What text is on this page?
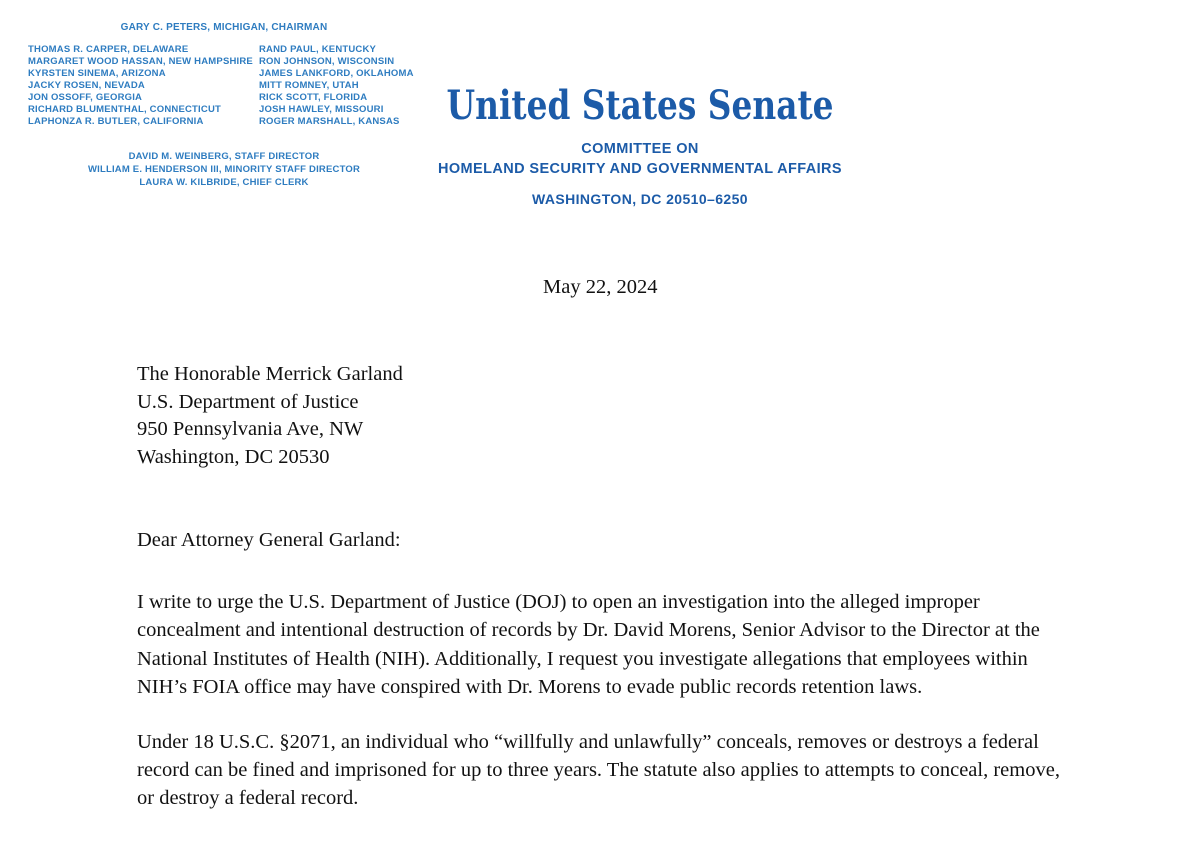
GARY C. PETERS, MICHIGAN, CHAIRMAN
THOMAS R. CARPER, DELAWARE
MARGARET WOOD HASSAN, NEW HAMPSHIRE
KYRSTEN SINEMA, ARIZONA
JACKY ROSEN, NEVADA
JON OSSOFF, GEORGIA
RICHARD BLUMENTHAL, CONNECTICUT
LAPHONZA R. BUTLER, CALIFORNIA
RAND PAUL, KENTUCKY
RON JOHNSON, WISCONSIN
JAMES LANKFORD, OKLAHOMA
MITT ROMNEY, UTAH
RICK SCOTT, FLORIDA
JOSH HAWLEY, MISSOURI
ROGER MARSHALL, KANSAS
DAVID M. WEINBERG, STAFF DIRECTOR
WILLIAM E. HENDERSON III, MINORITY STAFF DIRECTOR
LAURA W. KILBRIDE, CHIEF CLERK
United States Senate
COMMITTEE ON
HOMELAND SECURITY AND GOVERNMENTAL AFFAIRS
WASHINGTON, DC 20510–6250
May 22, 2024
The Honorable Merrick Garland
U.S. Department of Justice
950 Pennsylvania Ave, NW
Washington, DC 20530
Dear Attorney General Garland:

I write to urge the U.S. Department of Justice (DOJ) to open an investigation into the alleged improper concealment and intentional destruction of records by Dr. David Morens, Senior Advisor to the Director at the National Institutes of Health (NIH). Additionally, I request you investigate allegations that employees within NIH’s FOIA office may have conspired with Dr. Morens to evade public records retention laws.

Under 18 U.S.C. §2071, an individual who “willfully and unlawfully” conceals, removes or destroys a federal record can be fined and imprisoned for up to three years. The statute also applies to attempts to conceal, remove, or destroy a federal record.
